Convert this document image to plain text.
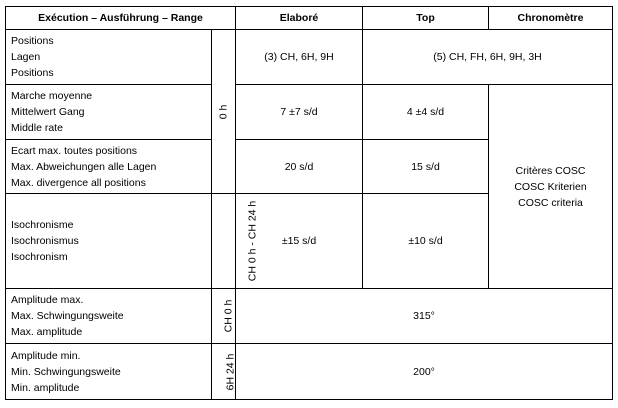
Exécution – Ausführung – Range		Elaboré	Top	Chronomètre

Positions
Lagen
Positions	0 h	(3) CH, 6H, 9H	(5) CH, FH, 6H, 9H, 3H	

Marche moyenne
Mittelwert Gang
Middle rate		7 ±7 s/d	4 ±4 s/d	Critères COSC
COSC Kriterien
COSC criteria

Ecart max. toutes positions
Max. Abweichungen alle Lagen
Max. divergence all positions		20 s/d	15 s/d	

Isochronisme
Isochronismus
Isochronism	CH 0 h - CH 24 h	±15 s/d	±10 s/d	

Amplitude max.
Max. Schwingungsweite
Max. amplitude	CH 0 h	315°		

Amplitude min.
Min. Schwingungsweite
Min. amplitude	6H 24 h	200°		
